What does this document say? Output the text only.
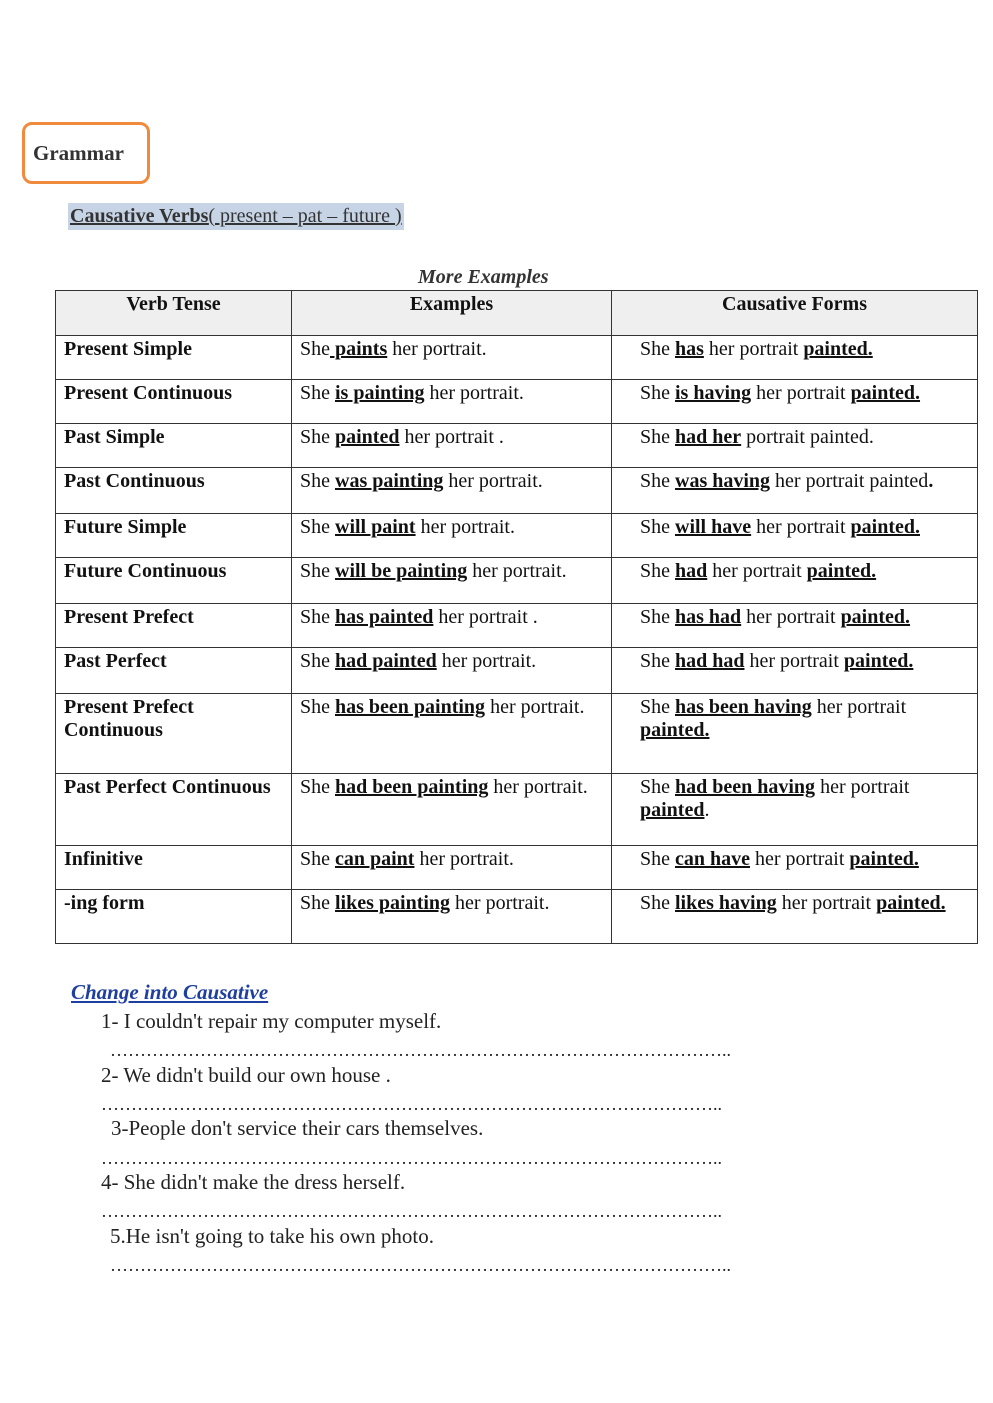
Grammar
Causative Verbs( present – pat – future )
More Examples
Verb Tense	Examples	Causative Forms
Present Simple	She paints her portrait.	She has her portrait painted.
Present Continuous	She is painting her portrait.	She is having her portrait painted.
Past Simple	She painted her portrait .	She had her portrait painted.
Past Continuous	She was painting her portrait.	She was having her portrait painted.
Future Simple	She will paint her portrait.	She will have her portrait painted.
Future Continuous	She will be painting her portrait.	She had her portrait painted.
Present Prefect	She has painted her portrait .	She has had her portrait painted.
Past Perfect	She had painted her portrait.	She had had her portrait painted.
Present Prefect Continuous	She has been painting her portrait.	She has been having her portrait painted.
Past Perfect Continuous	She had been painting her portrait.	She had been having her portrait painted.
Infinitive	She can paint her portrait.	She can have her portrait painted.
-ing form	She likes painting her portrait.	She likes having her portrait painted.
Change into Causative
1- I couldn't repair my computer myself.
…………………………………………………………………………………………..
2- We didn't build our own house .
…………………………………………………………………………………………..
3-People don't service their cars themselves.
…………………………………………………………………………………………..
4- She didn't make the dress herself.
…………………………………………………………………………………………..
5.He isn't going to take his own photo.
…………………………………………………………………………………………..
